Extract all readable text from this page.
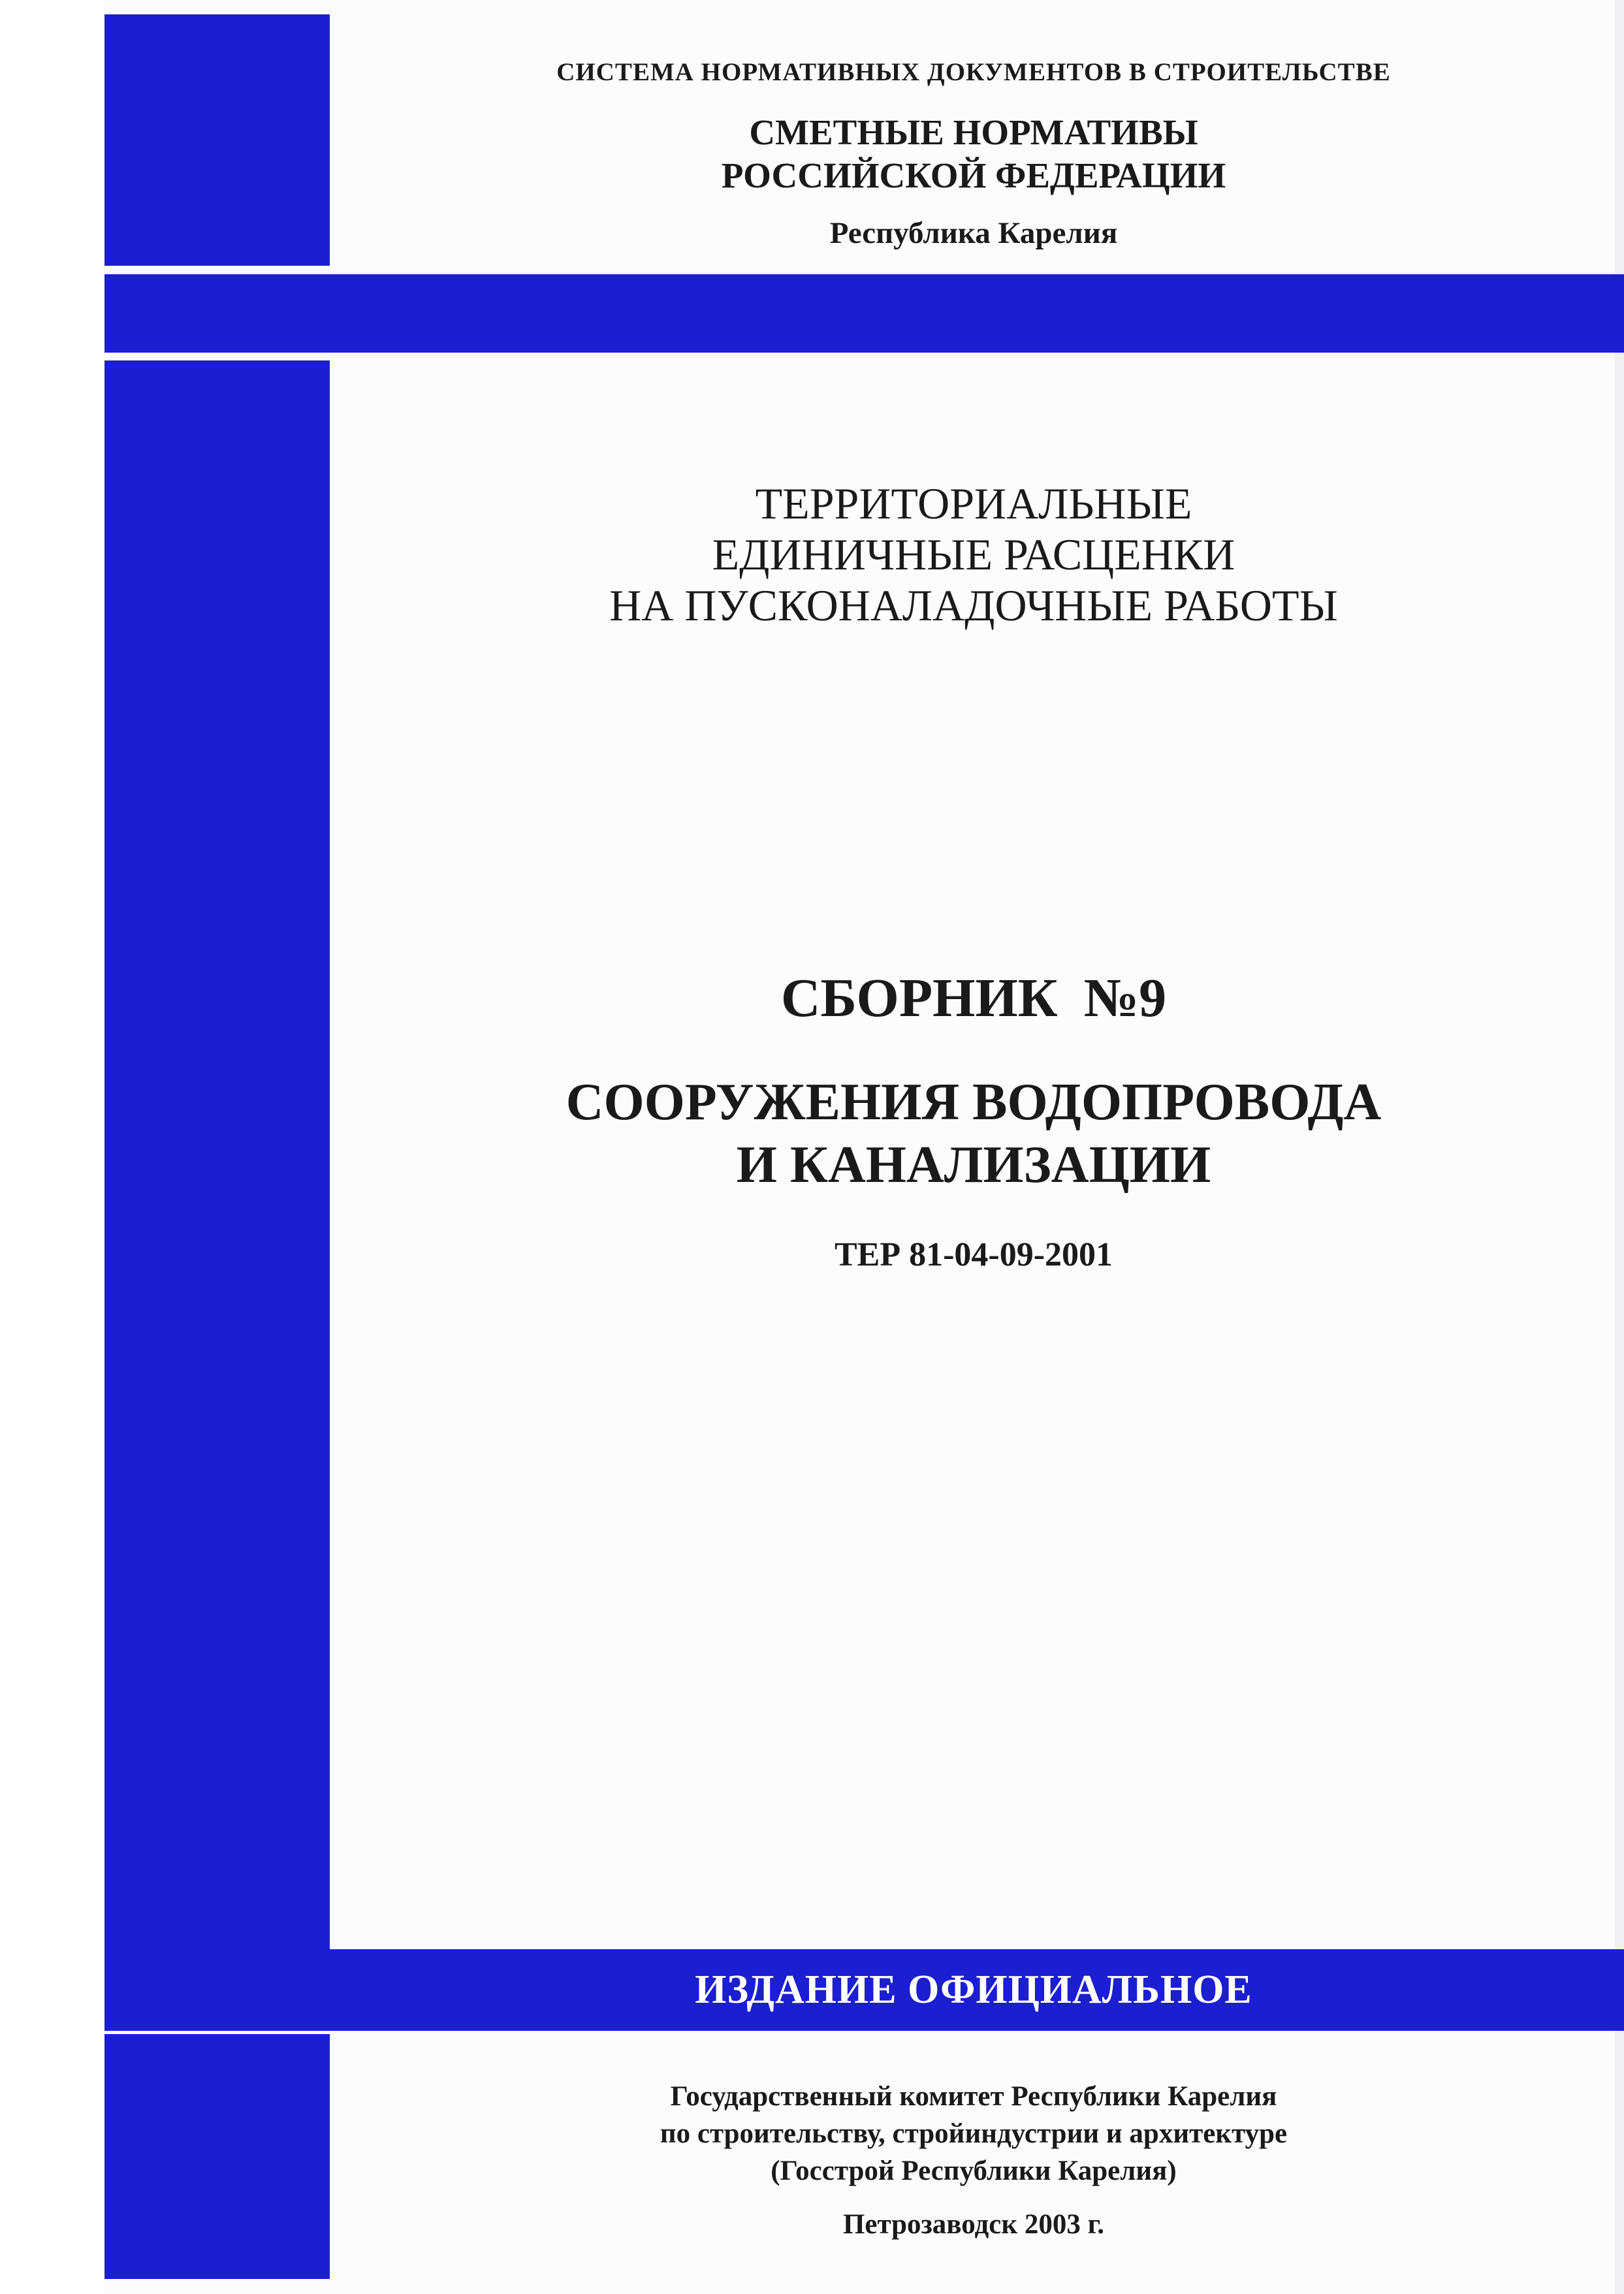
СИСТЕМА НОРМАТИВНЫХ ДОКУМЕНТОВ В СТРОИТЕЛЬСТВЕ
СМЕТНЫЕ НОРМАТИВЫ
РОССИЙСКОЙ ФЕДЕРАЦИИ
Республика Карелия
ТЕРРИТОРИАЛЬНЫЕ
ЕДИНИЧНЫЕ РАСЦЕНКИ
НА ПУСКОНАЛАДОЧНЫЕ РАБОТЫ
СБОРНИК №9
СООРУЖЕНИЯ ВОДОПРОВОДА
И КАНАЛИЗАЦИИ
ТЕР 81-04-09-2001
ИЗДАНИЕ ОФИЦИАЛЬНОЕ
Государственный комитет Республики Карелия
по строительству, стройиндустрии и архитектуре
(Госстрой Республики Карелия)
Петрозаводск 2003 г.
